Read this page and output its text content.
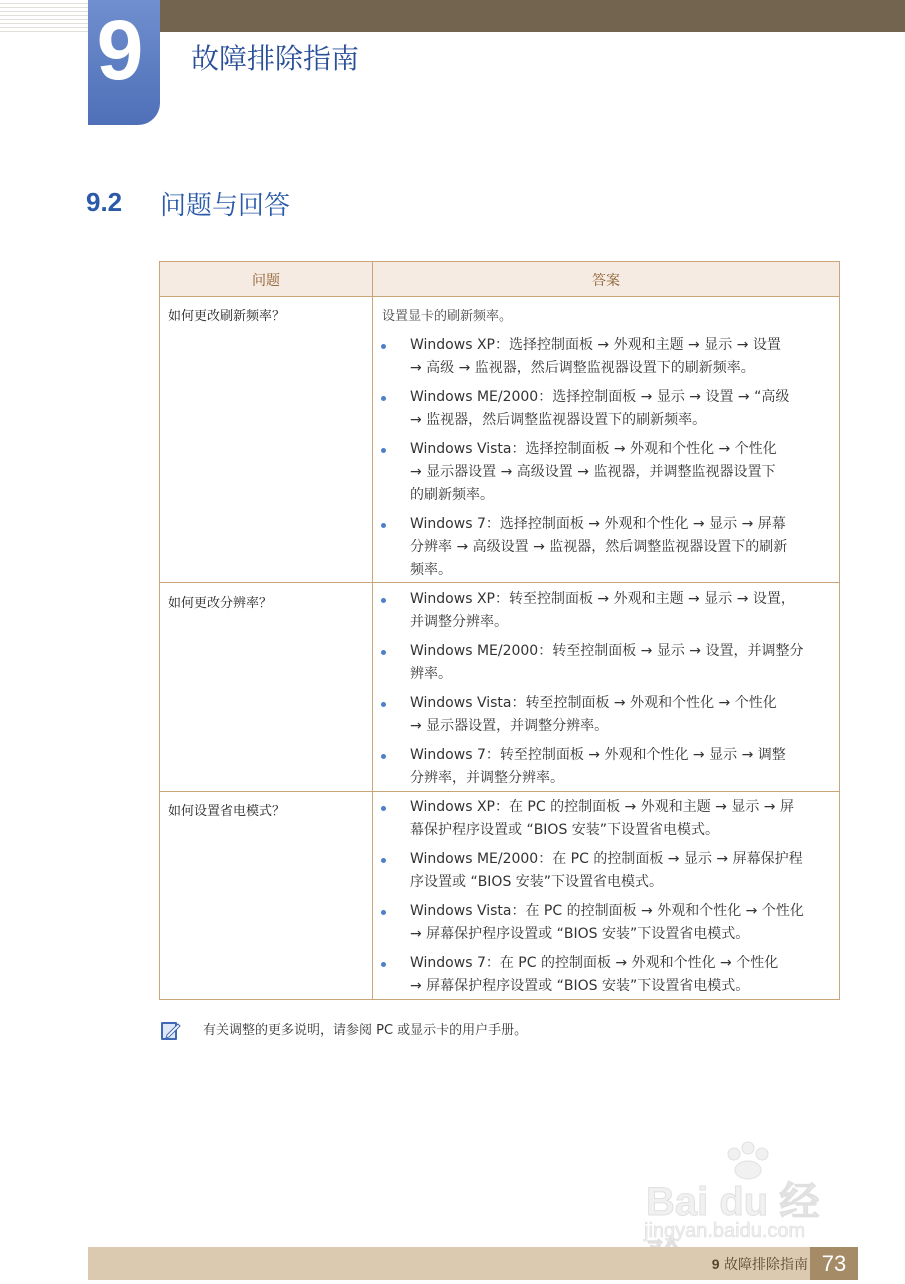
9	故障排除指南
9.2 问题与回答
问题	答案
如何更改刷新频率？	设置显卡的刷新频率。
Windows XP：选择控制面板 → 外观和主题 → 显示 → 设置
→ 高级 → 监视器，然后调整监视器设置下的刷新频率。
Windows ME/2000：选择控制面板 → 显示 → 设置 → “高级
→ 监视器，然后调整监视器设置下的刷新频率。
Windows Vista：选择控制面板 → 外观和个性化 → 个性化
→ 显示器设置 → 高级设置 → 监视器，并调整监视器设置下
的刷新频率。
Windows 7：选择控制面板 → 外观和个性化 → 显示 → 屏幕
分辨率 → 高级设置 → 监视器，然后调整监视器设置下的刷新
频率。
如何更改分辨率？	Windows XP：转至控制面板 → 外观和主题 → 显示 → 设置，
并调整分辨率。
Windows ME/2000：转至控制面板 → 显示 → 设置，并调整分
辨率。
Windows Vista：转至控制面板 → 外观和个性化 → 个性化
→ 显示器设置，并调整分辨率。
Windows 7：转至控制面板 → 外观和个性化 → 显示 → 调整
分辨率，并调整分辨率。
如何设置省电模式？	Windows XP：在 PC 的控制面板 → 外观和主题 → 显示 → 屏
幕保护程序设置或 “BIOS 安装”下设置省电模式。
Windows ME/2000：在 PC 的控制面板 → 显示 → 屏幕保护程
序设置或 “BIOS 安装”下设置省电模式。
Windows Vista：在 PC 的控制面板 → 外观和个性化 → 个性化
→ 屏幕保护程序设置或 “BIOS 安装”下设置省电模式。
Windows 7：在 PC 的控制面板 → 外观和个性化 → 个性化
→ 屏幕保护程序设置或 “BIOS 安装”下设置省电模式。
有关调整的更多说明，请参阅 PC 或显示卡的用户手册。
Bai du 经
jingyan.baidu.com
9 故障排除指南 73
